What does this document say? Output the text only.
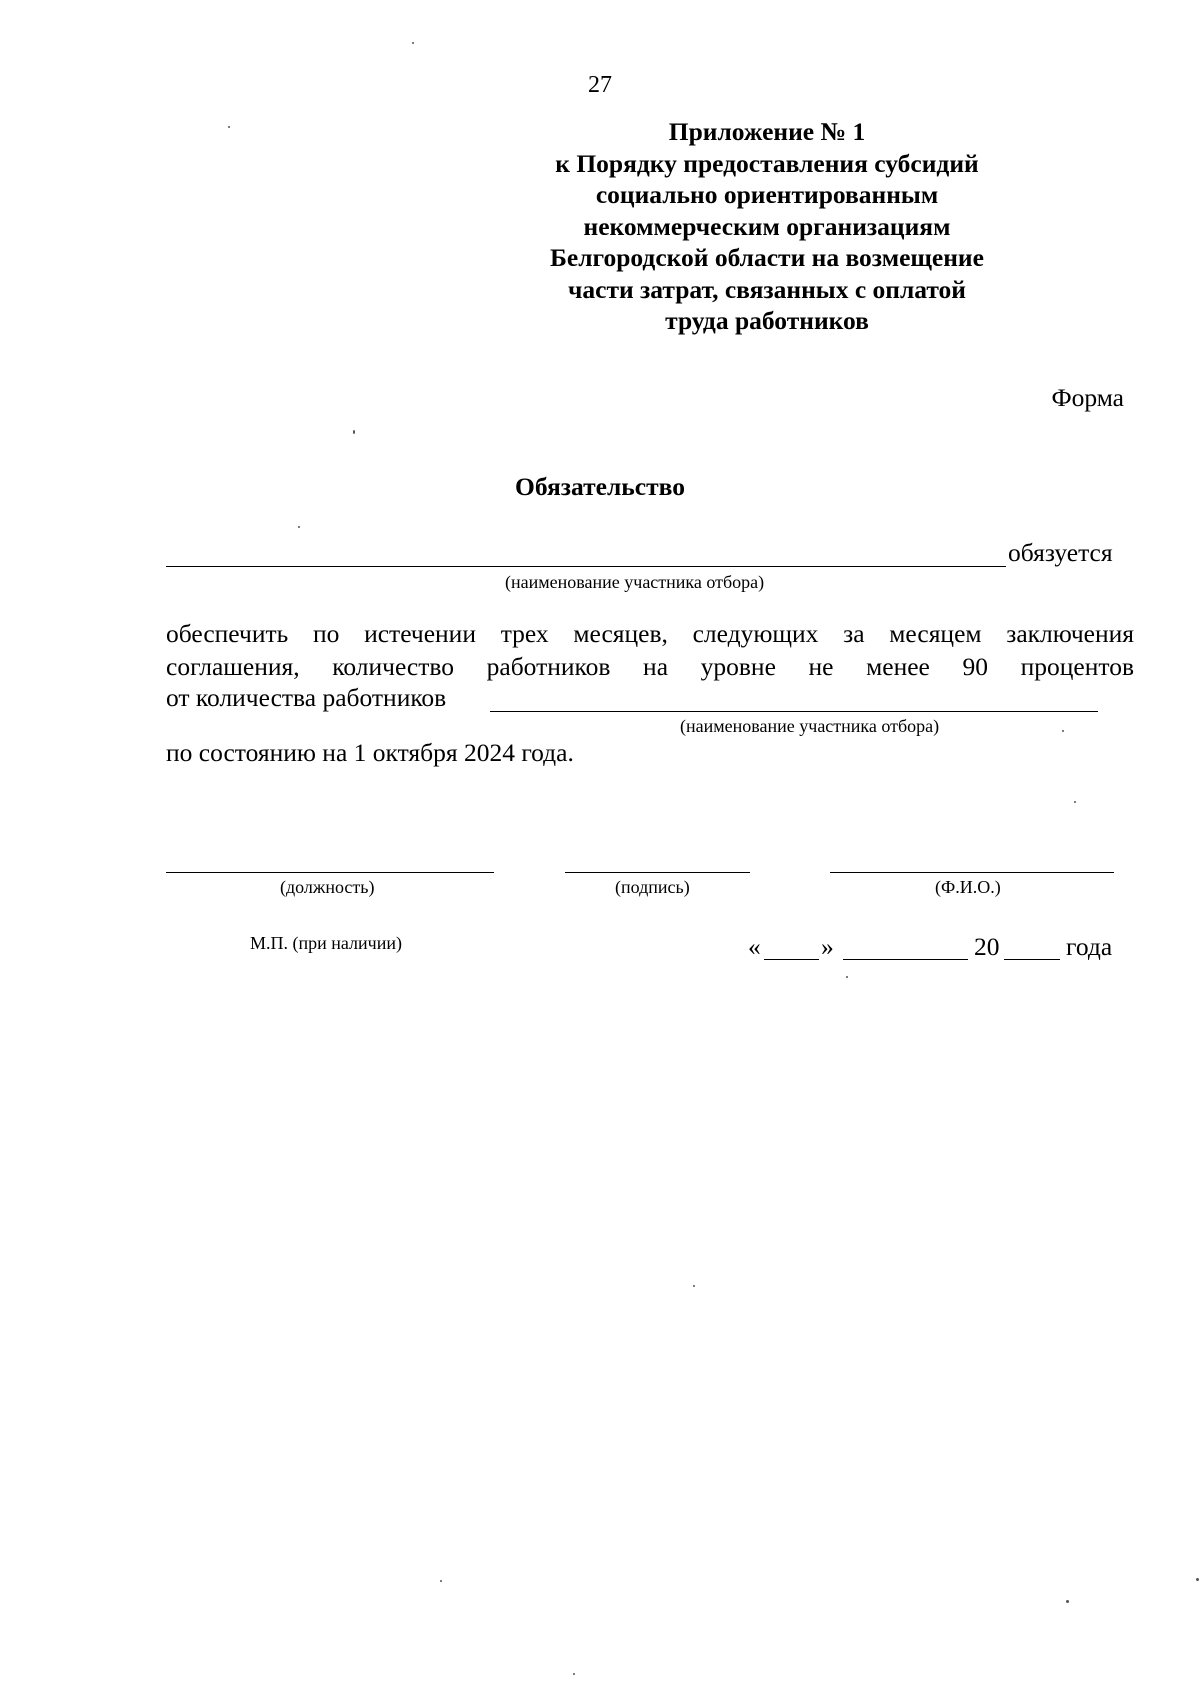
27
Приложение № 1
к Порядку предоставления субсидий
социально ориентированным
некоммерческим организациям
Белгородской области на возмещение
части затрат, связанных с оплатой
труда работников
Форма
Обязательство
обязуется
(наименование участника отбора)
обеспечить по истечении трех месяцев, следующих за месяцем заключения
соглашения, количество работников на уровне не менее 90 процентов
от количества работников
(наименование участника отбора)
по состоянию на 1 октября 2024 года.
(должность)	(подпись)	(Ф.И.О.)
М.П. (при наличии)	« »	20	года
